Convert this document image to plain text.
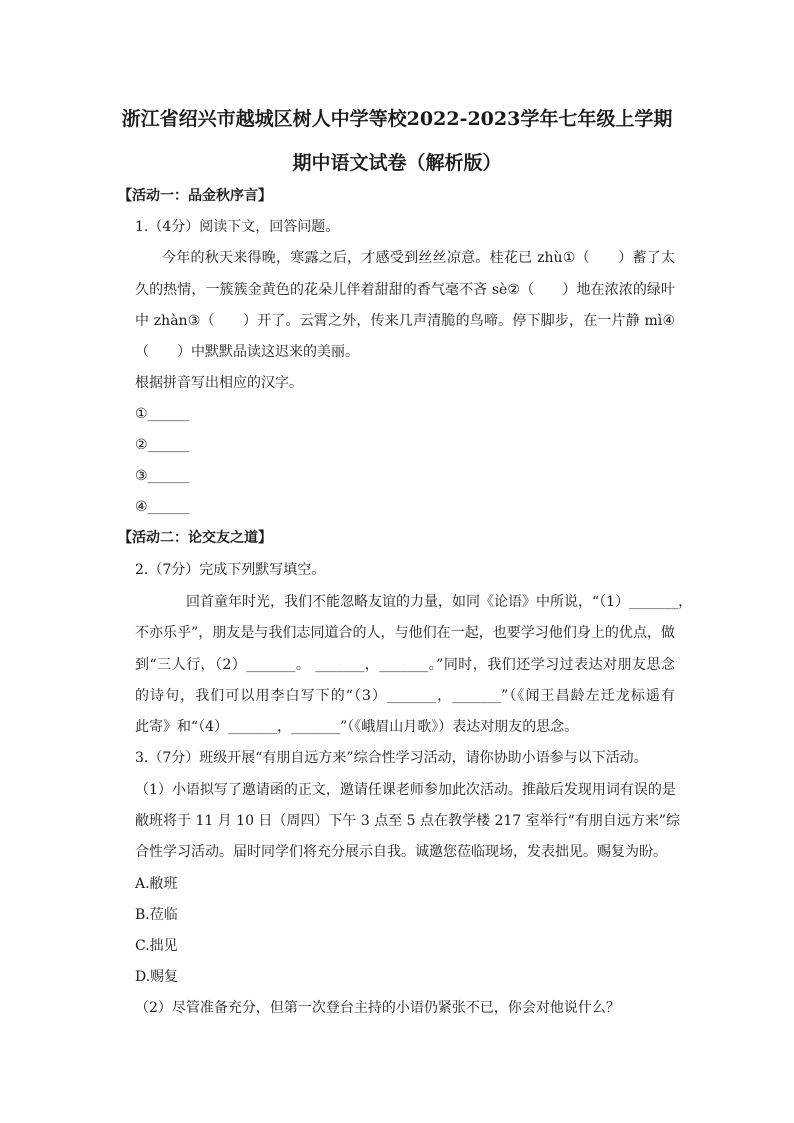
浙江省绍兴市越城区树人中学等校2022-2023学年七年级上学期
期中语文试卷（解析版）
【活动一：品金秋序言】
1.（4分）阅读下文，回答问题。
今年的秋天来得晚，寒露之后，才感受到丝丝凉意。桂花已 zhù①（　　）蓄了太
久的热情，一簇簇金黄色的花朵儿伴着甜甜的香气毫不吝 sè②（　　）地在浓浓的绿叶
中 zhàn③（　　）开了。云霄之外，传来几声清脆的鸟啼。停下脚步，在一片静 mì④
（　　）中默默品读这迟来的美丽。
根据拼音写出相应的汉字。
①______
②______
③______
④______
【活动二：论交友之道】
2.（7分）完成下列默写填空。
回首童年时光，我们不能忽略友谊的力量，如同《论语》中所说，“（1）_______，
不亦乐乎”，朋友是与我们志同道合的人，与他们在一起，也要学习他们身上的优点，做
到“三人行，（2）_______。 _______，_______。”同时，我们还学习过表达对朋友思念
的诗句，我们可以用李白写下的“（3）_______，_______”（《闻王昌龄左迁龙标遥有
此寄》和“（4）_______，_______”（《峨眉山月歌》）表达对朋友的思念。
3.（7分）班级开展“有朋自远方来”综合性学习活动，请你协助小语参与以下活动。
（1）小语拟写了邀请函的正文，邀请任课老师参加此次活动。推敲后发现用词有误的是
敝班将于 11 月 10 日（周四）下午 3 点至 5 点在教学楼 217 室举行“有朋自远方来”综
合性学习活动。届时同学们将充分展示自我。诚邀您莅临现场，发表拙见。赐复为盼。
A.敝班
B.莅临
C.拙见
D.赐复
（2）尽管准备充分，但第一次登台主持的小语仍紧张不已，你会对他说什么？
